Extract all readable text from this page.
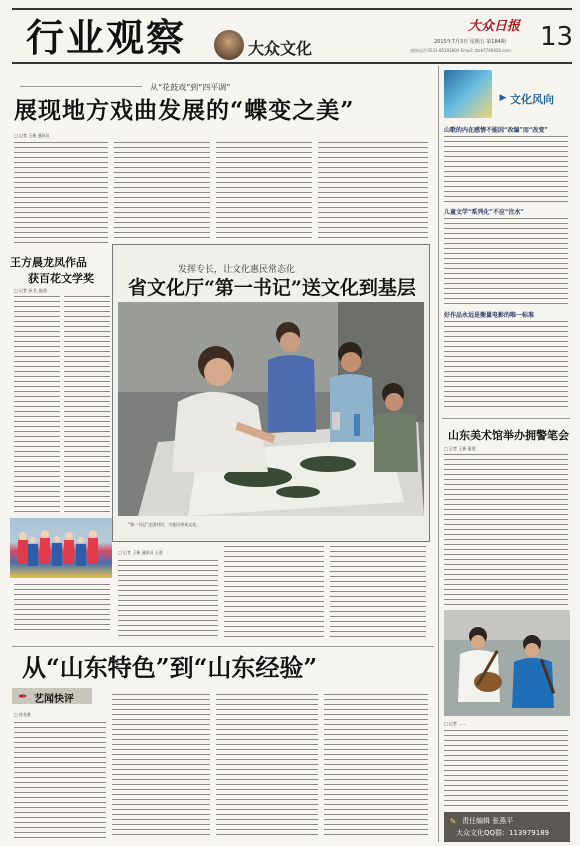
行业观察	大众文化
大众日报 13
2015年7月3日 星期五 第184期
热线电话:0531-85193604 Email: dzrb7749426.com
从“花鼓戏”到“四平调”
展现地方戏曲发展的“蝶变之美”
□ 记者 王新 通讯员
王方晨龙凤作品
获百花文学奖
□ 记者 孙 扎 报道
发挥专长，让文化惠民常态化
省文化厅“第一书记”送文化到基层
“第一书记”走进村民，为基层带来文化。
□ 记者 王新 通讯员 王进
从“山东特色”到“山东经验”
✒ 艺闻快评
□ 孙先胜
▶ 文化风向
山歌的内在感情不能因“改编”而“改变”
儿童文学“系列化”不应“注水”
好作品永远是衡量电影的唯一标准
山东美术馆举办拥警笔会
□ 记者 王新 报道
□ 记者 ……
✎ 责任编辑 张燕平
大众文化QQ群：113979189
